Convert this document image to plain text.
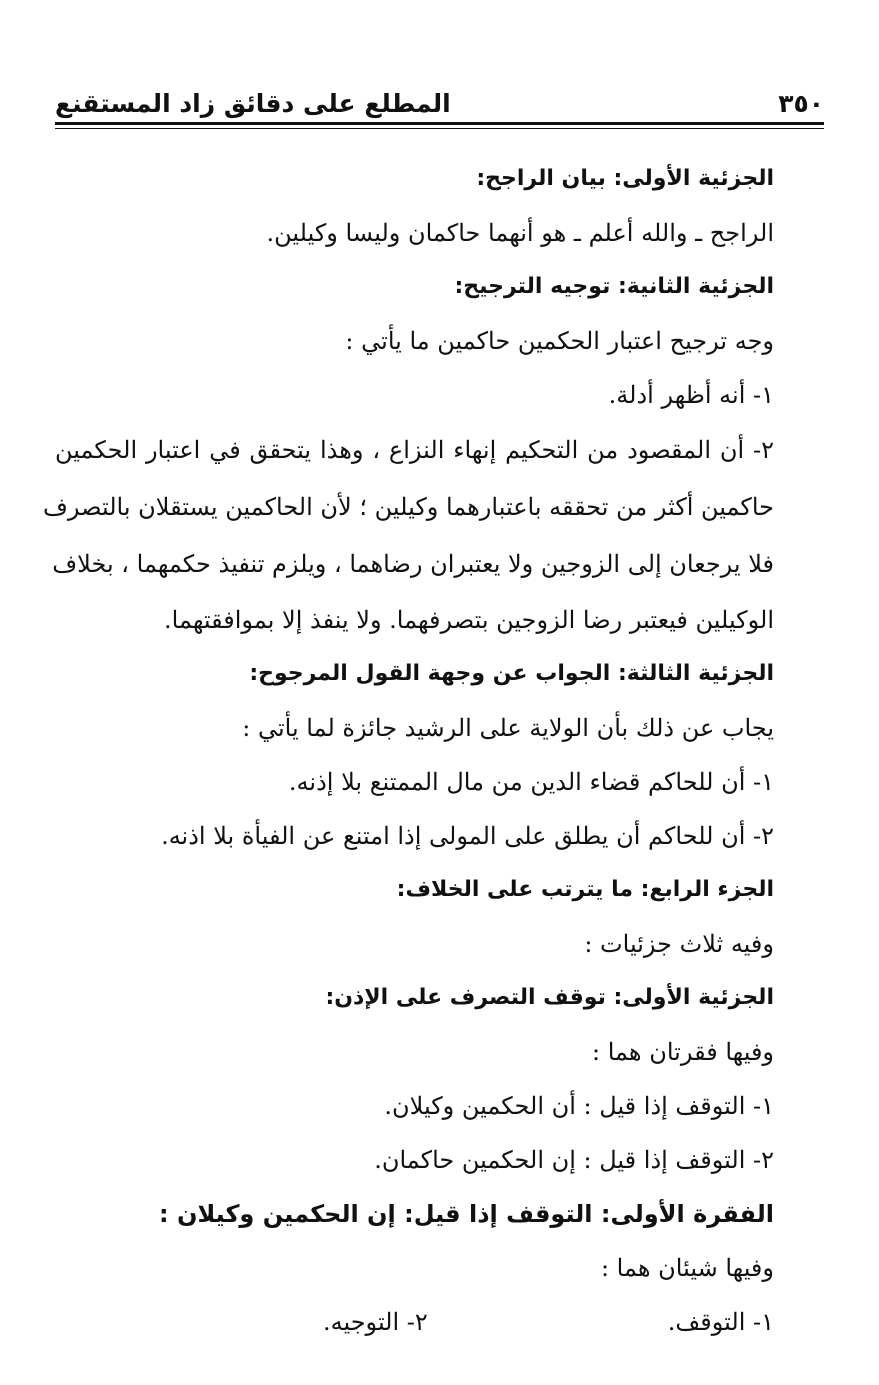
٣٥٠
المطلع على دقائق زاد المستقنع
الجزئية الأولى: بيان الراجح:
الراجح ـ والله أعلم ـ هو أنهما حاكمان وليسا وكيلين.
الجزئية الثانية: توجيه الترجيح:
وجه ترجيح اعتبار الحكمين حاكمين ما يأتي :
١- أنه أظهر أدلة.
٢- أن المقصود من التحكيم إنهاء النزاع ، وهذا يتحقق في اعتبار الحكمين
حاكمين أكثر من تحققه باعتبارهما وكيلين ؛ لأن الحاكمين يستقلان بالتصرف
فلا يرجعان إلى الزوجين ولا يعتبران رضاهما ، ويلزم تنفيذ حكمهما ، بخلاف
الوكيلين فيعتبر رضا الزوجين بتصرفهما. ولا ينفذ إلا بموافقتهما.
الجزئية الثالثة: الجواب عن وجهة القول المرجوح:
يجاب عن ذلك بأن الولاية على الرشيد جائزة لما يأتي :
١- أن للحاكم قضاء الدين من مال الممتنع بلا إذنه.
٢- أن للحاكم أن يطلق على المولى إذا امتنع عن الفيأة بلا اذنه.
الجزء الرابع: ما يترتب على الخلاف:
وفيه ثلاث جزئيات :
الجزئية الأولى: توقف التصرف على الإذن:
وفيها فقرتان هما :
١- التوقف إذا قيل : أن الحكمين وكيلان.
٢- التوقف إذا قيل : إن الحكمين حاكمان.
الفقرة الأولى: التوقف إذا قيل: إن الحكمين وكيلان :
وفيها شيئان هما :
١- التوقف.
٢- التوجيه.
